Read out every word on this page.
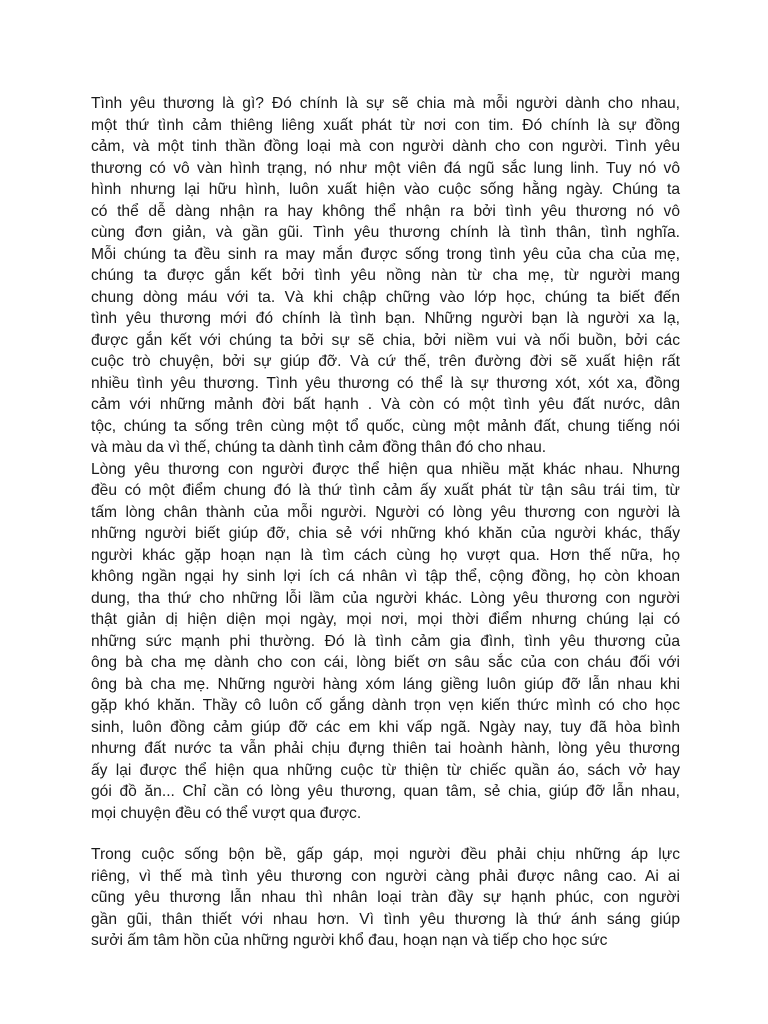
Tình yêu thương là gì? Đó chính là sự sẽ chia mà mỗi người dành cho nhau,
một thứ tình cảm thiêng liêng xuất phát từ nơi con tim. Đó chính là sự đồng
cảm, và một tinh thần đồng loại mà con người dành cho con người. Tình yêu
thương có vô vàn hình trạng, nó như một viên đá ngũ sắc lung linh. Tuy nó vô
hình nhưng lại hữu hình, luôn xuất hiện vào cuộc sống hằng ngày. Chúng ta
có thể dễ dàng nhận ra hay không thể nhận ra bởi tình yêu thương nó vô
cùng đơn giản, và gần gũi. Tình yêu thương chính là tình thân, tình nghĩa.
Mỗi chúng ta đều sinh ra may mắn được sống trong tình yêu của cha của mẹ,
chúng ta được gắn kết bởi tình yêu nồng nàn từ cha mẹ, từ người mang
chung dòng máu với ta. Và khi chập chững vào lớp học, chúng ta biết đến
tình yêu thương mới đó chính là tình bạn. Những người bạn là người xa lạ,
được gắn kết với chúng ta bởi sự sẽ chia, bởi niềm vui và nối buồn, bởi các
cuộc trò chuyện, bởi sự giúp đỡ. Và cứ thế, trên đường đời sẽ xuất hiện rất
nhiều tình yêu thương. Tình yêu thương có thể là sự thương xót, xót xa, đồng
cảm với những mảnh đời bất hạnh . Và còn có một tình yêu đất nước, dân
tộc, chúng ta sống trên cùng một tổ quốc, cùng một mảnh đất, chung tiếng nói
và màu da vì thế, chúng ta dành tình cảm đồng thân đó cho nhau.

Lòng yêu thương con người được thể hiện qua nhiều mặt khác nhau. Nhưng
đều có một điểm chung đó là thứ tình cảm ấy xuất phát từ tận sâu trái tim, từ
tấm lòng chân thành của mỗi người. Người có lòng yêu thương con người là
những người biết giúp đỡ, chia sẻ với những khó khăn của người khác, thấy
người khác gặp hoạn nạn là tìm cách cùng họ vượt qua. Hơn thế nữa, họ
không ngần ngại hy sinh lợi ích cá nhân vì tập thể, cộng đồng, họ còn khoan
dung, tha thứ cho những lỗi lầm của người khác. Lòng yêu thương con người
thật giản dị hiện diện mọi ngày, mọi nơi, mọi thời điểm nhưng chúng lại có
những sức mạnh phi thường. Đó là tình cảm gia đình, tình yêu thương của
ông bà cha mẹ dành cho con cái, lòng biết ơn sâu sắc của con cháu đối với
ông bà cha mẹ. Những người hàng xóm láng giềng luôn giúp đỡ lẫn nhau khi
gặp khó khăn. Thầy cô luôn cố gắng dành trọn vẹn kiến thức mình có cho học
sinh, luôn đồng cảm giúp đỡ các em khi vấp ngã. Ngày nay, tuy đã hòa bình
nhưng đất nước ta vẫn phải chịu đựng thiên tai hoành hành, lòng yêu thương
ấy lại được thể hiện qua những cuộc từ thiện từ chiếc quần áo, sách vở hay
gói đồ ăn... Chỉ cần có lòng yêu thương, quan tâm, sẻ chia, giúp đỡ lẫn nhau,
mọi chuyện đều có thể vượt qua được.

Trong cuộc sống bộn bề, gấp gáp, mọi người đều phải chịu những áp lực
riêng, vì thế mà tình yêu thương con người càng phải được nâng cao. Ai ai
cũng yêu thương lẫn nhau thì nhân loại tràn đầy sự hạnh phúc, con người
gần gũi, thân thiết với nhau hơn. Vì tình yêu thương là thứ ánh sáng giúp
sưởi ấm tâm hồn của những người khổ đau, hoạn nạn và tiếp cho học sức
